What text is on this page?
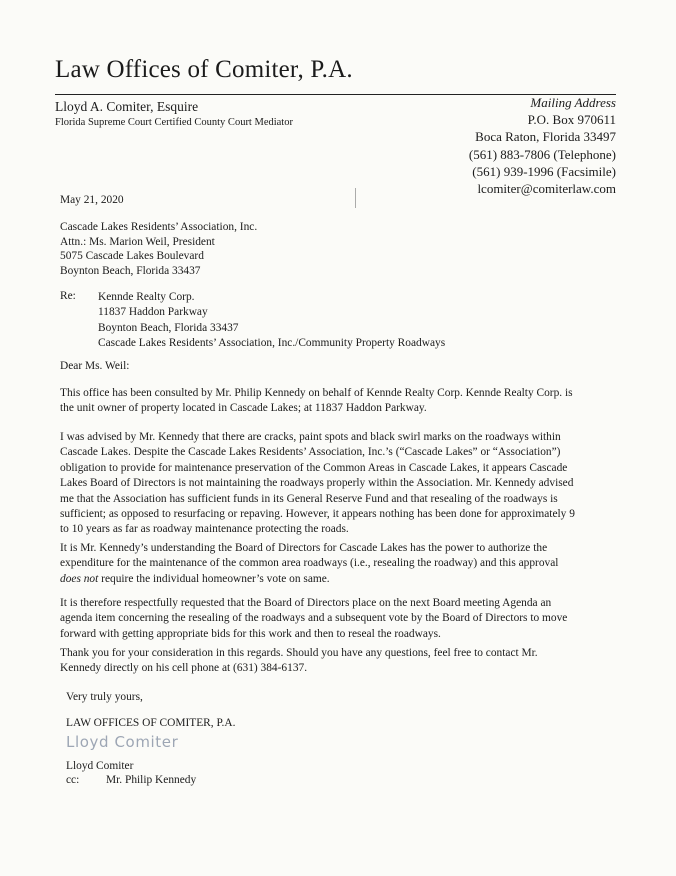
Law Offices of Comiter, P.A.
Lloyd A. Comiter, Esquire
Florida Supreme Court Certified County Court Mediator
Mailing Address
P.O. Box 970611
Boca Raton, Florida 33497
(561) 883-7806 (Telephone)
(561) 939-1996 (Facsimile)
lcomiter@comiterlaw.com
May 21, 2020

Cascade Lakes Residents’ Association, Inc.

Attn.: Ms. Marion Weil, President

5075 Cascade Lakes Boulevard

Boynton Beach, Florida 33437

Re: Kennde Realty Corp.
11837 Haddon Parkway
Boynton Beach, Florida 33437
Cascade Lakes Residents’ Association, Inc./Community Property Roadways
Dear Ms. Weil:

This office has been consulted by Mr. Philip Kennedy on behalf of Kennde Realty Corp. Kennde Realty Corp. is

the unit owner of property located in Cascade Lakes; at 11837 Haddon Parkway.

I was advised by Mr. Kennedy that there are cracks, paint spots and black swirl marks on the roadways within

Cascade Lakes. Despite the Cascade Lakes Residents’ Association, Inc.’s (“Cascade Lakes” or “Association”)

obligation to provide for maintenance preservation of the Common Areas in Cascade Lakes, it appears Cascade

Lakes Board of Directors is not maintaining the roadways properly within the Association. Mr. Kennedy advised

me that the Association has sufficient funds in its General Reserve Fund and that resealing of the roadways is

sufficient; as opposed to resurfacing or repaving. However, it appears nothing has been done for approximately 9

to 10 years as far as roadway maintenance protecting the roads.

It is Mr. Kennedy’s understanding the Board of Directors for Cascade Lakes has the power to authorize the

expenditure for the maintenance of the common area roadways (i.e., resealing the roadway) and this approval

does not require the individual homeowner’s vote on same.

It is therefore respectfully requested that the Board of Directors place on the next Board meeting Agenda an

agenda item concerning the resealing of the roadways and a subsequent vote by the Board of Directors to move

forward with getting appropriate bids for this work and then to reseal the roadways.

Thank you for your consideration in this regards. Should you have any questions, feel free to contact Mr.

Kennedy directly on his cell phone at (631) 384-6137.

Very truly yours,
LAW OFFICES OF COMITER, P.A.
Lloyd Comiter
Lloyd Comiter
cc: Mr. Philip Kennedy
